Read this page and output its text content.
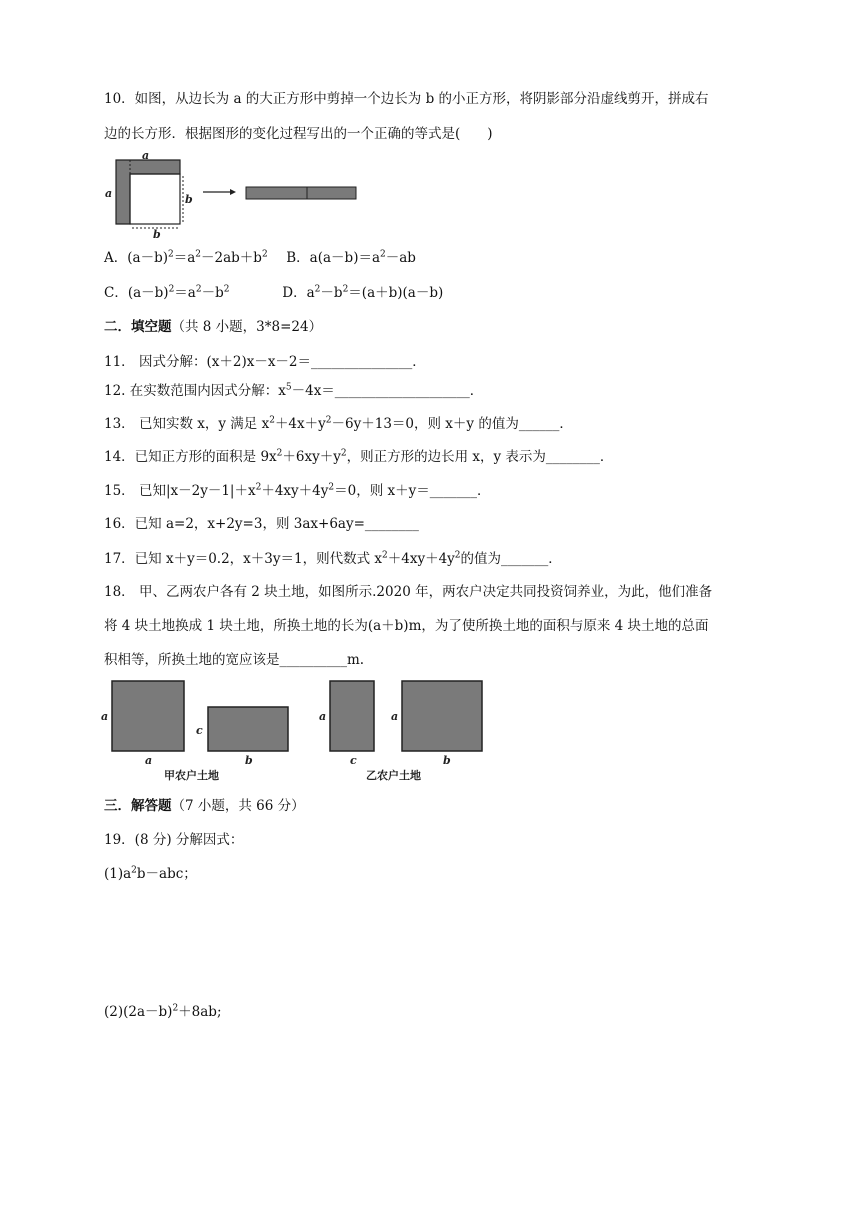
10．如图，从边长为 a 的大正方形中剪掉一个边长为 b 的小正方形，将阴影部分沿虚线剪开，拼成右
边的长方形．根据图形的变化过程写出的一个正确的等式是(　　)
a
a	b
b
A．$(a-b)^2=a^2-2ab+b^2$ B．$a(a-b)=a^2-ab$
C．$(a-b)^2=a^2-b^2$	D．$a^2-b^2=(a+b)(a-b)$
二．填空题（共 8 小题，3*8=24）
11． 因式分解：(x＋2)x－x－2＝_______________．
12. 在实数范围内因式分解：$x^5-4x=\_\_\_\_\_\_\_\_\_\_\_\_\_\_\_\_\_\_\_\_$．
13． 已知实数 x，y 满足 $x^2+4x+y^2-6y+13=0$，则 x＋y 的值为______．
14．已知正方形的面积是 $9x^2+6xy+y^2$，则正方形的边长用 x，y 表示为________．
15． 已知$|x-2y-1|+x^2+4xy+4y^2=0$，则 x＋y＝_______．
16．已知 a=2，x+2y=3，则 3ax+6ay=________
17．已知 x＋y＝0.2，x＋3y＝1，则代数式 $x^2+4xy+4y^2$的值为_______．
18． 甲、乙两农户各有 2 块土地，如图所示.2020 年，两农户决定共同投资饲养业，为此，他们准备
将 4 块土地换成 1 块土地，所换土地的长为(a＋b)m，为了使所换土地的面积与原来 4 块土地的总面
积相等，所换土地的宽应该是__________m.
a
a
c
b
a
c
a
b
甲农户土地	乙农户土地
三．解答题（7 小题，共 66 分）
19．(8 分) 分解因式：
$(1)a^2b-abc$；
$(2)(2a-b)^2+8ab$;
